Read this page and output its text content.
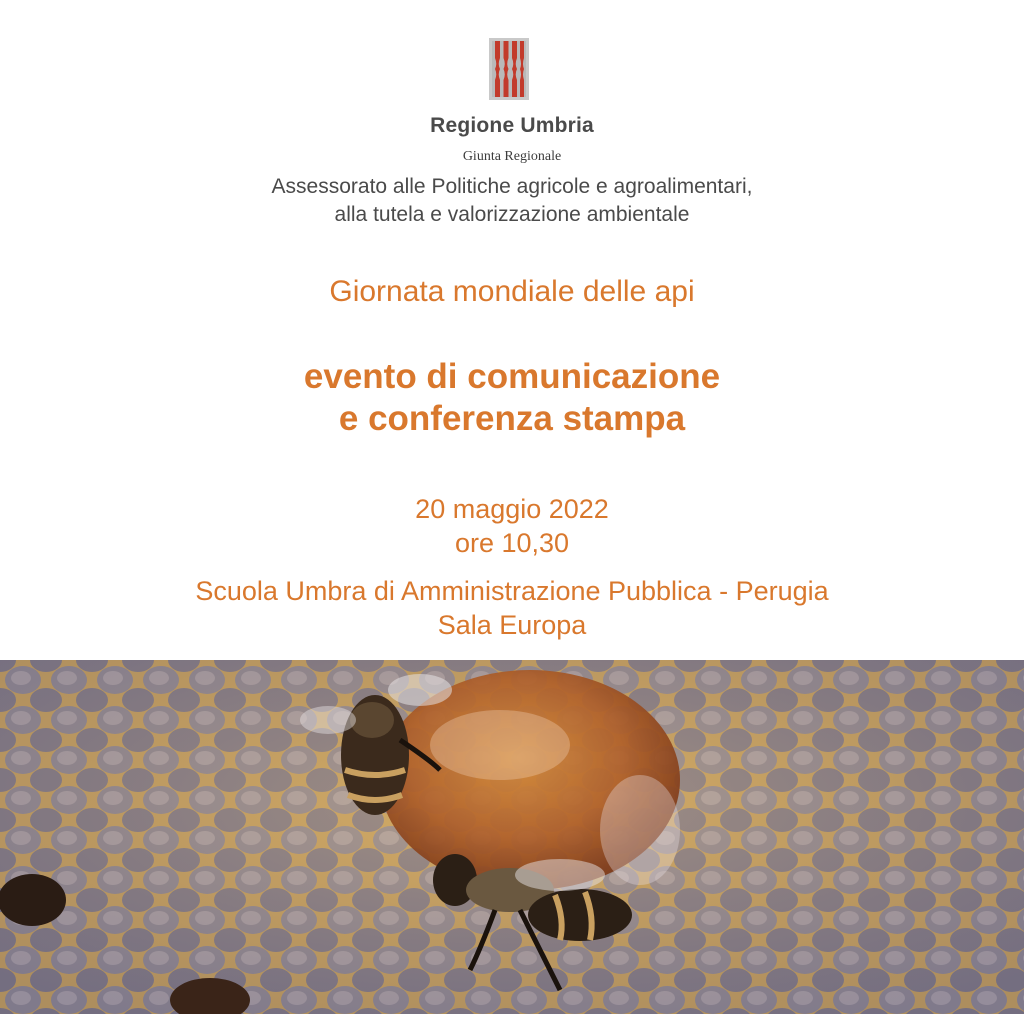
Regione Umbria
Giunta Regionale
Assessorato alle Politiche agricole e agroalimentari,
alla tutela e valorizzazione ambientale
Giornata mondiale delle api
evento di comunicazione
e conferenza stampa
20 maggio 2022
ore 10,30
Scuola Umbra di Amministrazione Pubblica - Perugia
Sala Europa
